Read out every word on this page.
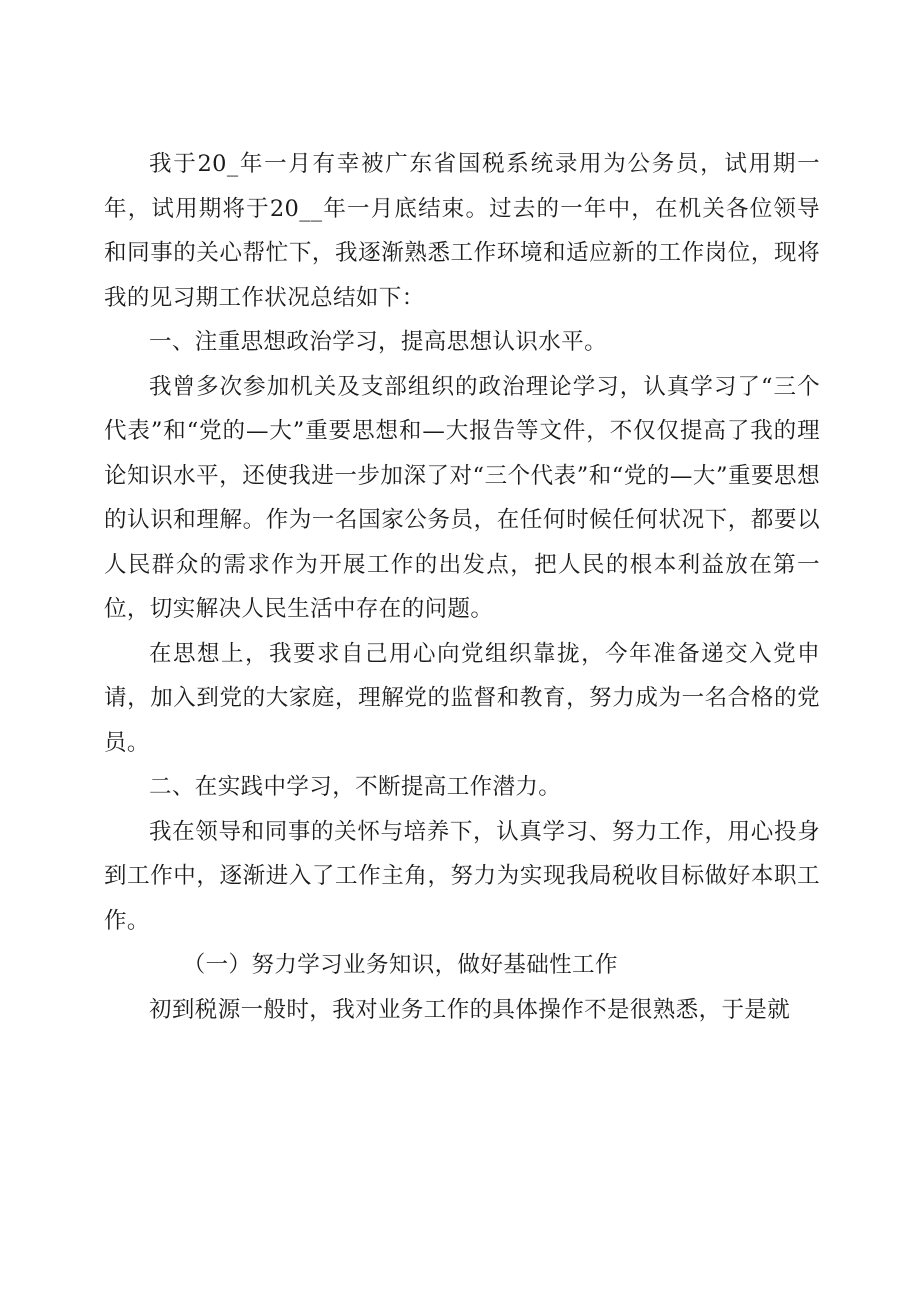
我于20_年一月有幸被广东省国税系统录用为公务员，试用期一年，试用期将于20__年一月底结束。过去的一年中，在机关各位领导和同事的关心帮忙下，我逐渐熟悉工作环境和适应新的工作岗位，现将我的见习期工作状况总结如下：

一、注重思想政治学习，提高思想认识水平。

我曾多次参加机关及支部组织的政治理论学习，认真学习了“三个代表”和“党的—大”重要思想和—大报告等文件，不仅仅提高了我的理论知识水平，还使我进一步加深了对“三个代表”和“党的—大”重要思想的认识和理解。作为一名国家公务员，在任何时候任何状况下，都要以人民群众的需求作为开展工作的出发点，把人民的根本利益放在第一位，切实解决人民生活中存在的问题。

在思想上，我要求自己用心向党组织靠拢，今年准备递交入党申请，加入到党的大家庭，理解党的监督和教育，努力成为一名合格的党员。

二、在实践中学习，不断提高工作潜力。

我在领导和同事的关怀与培养下，认真学习、努力工作，用心投身到工作中，逐渐进入了工作主角，努力为实现我局税收目标做好本职工作。

（一）努力学习业务知识，做好基础性工作

初到税源一般时，我对业务工作的具体操作不是很熟悉，于是就
